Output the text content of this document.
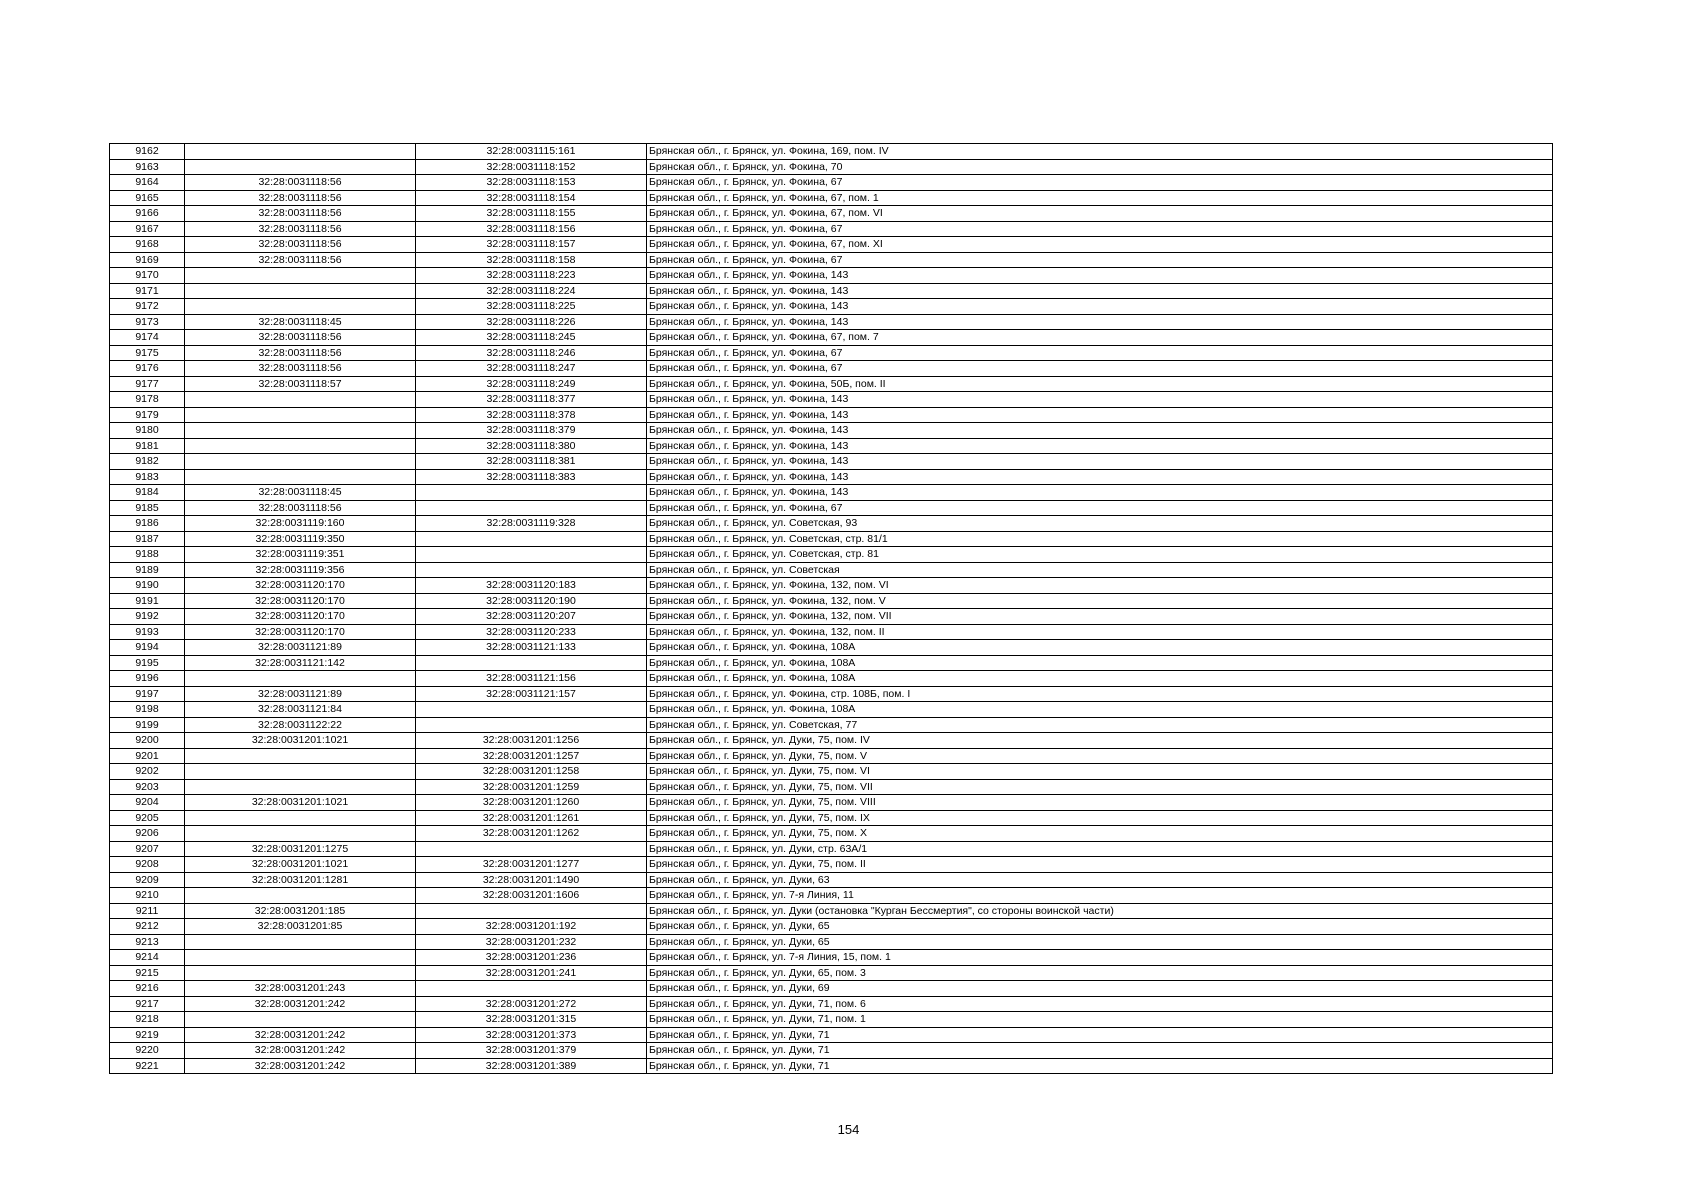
9162		32:28:0031115:161	Брянская обл., г. Брянск, ул. Фокина, 169, пом. IV
9163		32:28:0031118:152	Брянская обл., г. Брянск, ул. Фокина, 70
9164	32:28:0031118:56	32:28:0031118:153	Брянская обл., г. Брянск, ул. Фокина, 67
9165	32:28:0031118:56	32:28:0031118:154	Брянская обл., г. Брянск, ул. Фокина, 67, пом. 1
9166	32:28:0031118:56	32:28:0031118:155	Брянская обл., г. Брянск, ул. Фокина, 67, пом. VI
9167	32:28:0031118:56	32:28:0031118:156	Брянская обл., г. Брянск, ул. Фокина, 67
9168	32:28:0031118:56	32:28:0031118:157	Брянская обл., г. Брянск, ул. Фокина, 67, пом. XI
9169	32:28:0031118:56	32:28:0031118:158	Брянская обл., г. Брянск, ул. Фокина, 67
9170		32:28:0031118:223	Брянская обл., г. Брянск, ул. Фокина, 143
9171		32:28:0031118:224	Брянская обл., г. Брянск, ул. Фокина, 143
9172		32:28:0031118:225	Брянская обл., г. Брянск, ул. Фокина, 143
9173	32:28:0031118:45	32:28:0031118:226	Брянская обл., г. Брянск, ул. Фокина, 143
9174	32:28:0031118:56	32:28:0031118:245	Брянская обл., г. Брянск, ул. Фокина, 67, пом. 7
9175	32:28:0031118:56	32:28:0031118:246	Брянская обл., г. Брянск, ул. Фокина, 67
9176	32:28:0031118:56	32:28:0031118:247	Брянская обл., г. Брянск, ул. Фокина, 67
9177	32:28:0031118:57	32:28:0031118:249	Брянская обл., г. Брянск, ул. Фокина, 50Б, пом. II
9178		32:28:0031118:377	Брянская обл., г. Брянск, ул. Фокина, 143
9179		32:28:0031118:378	Брянская обл., г. Брянск, ул. Фокина, 143
9180		32:28:0031118:379	Брянская обл., г. Брянск, ул. Фокина, 143
9181		32:28:0031118:380	Брянская обл., г. Брянск, ул. Фокина, 143
9182		32:28:0031118:381	Брянская обл., г. Брянск, ул. Фокина, 143
9183		32:28:0031118:383	Брянская обл., г. Брянск, ул. Фокина, 143
9184	32:28:0031118:45		Брянская обл., г. Брянск, ул. Фокина, 143
9185	32:28:0031118:56		Брянская обл., г. Брянск, ул. Фокина, 67
9186	32:28:0031119:160	32:28:0031119:328	Брянская обл., г. Брянск, ул. Советская, 93
9187	32:28:0031119:350		Брянская обл., г. Брянск, ул. Советская, стр. 81/1
9188	32:28:0031119:351		Брянская обл., г. Брянск, ул. Советская, стр. 81
9189	32:28:0031119:356		Брянская обл., г. Брянск, ул. Советская
9190	32:28:0031120:170	32:28:0031120:183	Брянская обл., г. Брянск, ул. Фокина, 132, пом. VI
9191	32:28:0031120:170	32:28:0031120:190	Брянская обл., г. Брянск, ул. Фокина, 132, пом. V
9192	32:28:0031120:170	32:28:0031120:207	Брянская обл., г. Брянск, ул. Фокина, 132, пом. VII
9193	32:28:0031120:170	32:28:0031120:233	Брянская обл., г. Брянск, ул. Фокина, 132, пом. II
9194	32:28:0031121:89	32:28:0031121:133	Брянская обл., г. Брянск, ул. Фокина, 108А
9195	32:28:0031121:142		Брянская обл., г. Брянск, ул. Фокина, 108А
9196		32:28:0031121:156	Брянская обл., г. Брянск, ул. Фокина, 108А
9197	32:28:0031121:89	32:28:0031121:157	Брянская обл., г. Брянск, ул. Фокина, стр. 108Б, пом. I
9198	32:28:0031121:84		Брянская обл., г. Брянск, ул. Фокина, 108А
9199	32:28:0031122:22		Брянская обл., г. Брянск, ул. Советская, 77
9200	32:28:0031201:1021	32:28:0031201:1256	Брянская обл., г. Брянск, ул. Дуки, 75, пом. IV
9201		32:28:0031201:1257	Брянская обл., г. Брянск, ул. Дуки, 75, пом. V
9202		32:28:0031201:1258	Брянская обл., г. Брянск, ул. Дуки, 75, пом. VI
9203		32:28:0031201:1259	Брянская обл., г. Брянск, ул. Дуки, 75, пом. VII
9204	32:28:0031201:1021	32:28:0031201:1260	Брянская обл., г. Брянск, ул. Дуки, 75, пом. VIII
9205		32:28:0031201:1261	Брянская обл., г. Брянск, ул. Дуки, 75, пом. IX
9206		32:28:0031201:1262	Брянская обл., г. Брянск, ул. Дуки, 75, пом. X
9207	32:28:0031201:1275		Брянская обл., г. Брянск, ул. Дуки, стр. 63А/1
9208	32:28:0031201:1021	32:28:0031201:1277	Брянская обл., г. Брянск, ул. Дуки, 75, пом. II
9209	32:28:0031201:1281	32:28:0031201:1490	Брянская обл., г. Брянск, ул. Дуки, 63
9210		32:28:0031201:1606	Брянская обл., г. Брянск, ул. 7-я Линия, 11
9211	32:28:0031201:185		Брянская обл., г. Брянск, ул. Дуки (остановка "Курган Бессмертия", со стороны воинской части)
9212	32:28:0031201:85	32:28:0031201:192	Брянская обл., г. Брянск, ул. Дуки, 65
9213		32:28:0031201:232	Брянская обл., г. Брянск, ул. Дуки, 65
9214		32:28:0031201:236	Брянская обл., г. Брянск, ул. 7-я Линия, 15, пом. 1
9215		32:28:0031201:241	Брянская обл., г. Брянск, ул. Дуки, 65, пом. 3
9216	32:28:0031201:243		Брянская обл., г. Брянск, ул. Дуки, 69
9217	32:28:0031201:242	32:28:0031201:272	Брянская обл., г. Брянск, ул. Дуки, 71, пом. 6
9218		32:28:0031201:315	Брянская обл., г. Брянск, ул. Дуки, 71, пом. 1
9219	32:28:0031201:242	32:28:0031201:373	Брянская обл., г. Брянск, ул. Дуки, 71
9220	32:28:0031201:242	32:28:0031201:379	Брянская обл., г. Брянск, ул. Дуки, 71
9221	32:28:0031201:242	32:28:0031201:389	Брянская обл., г. Брянск, ул. Дуки, 71
154
